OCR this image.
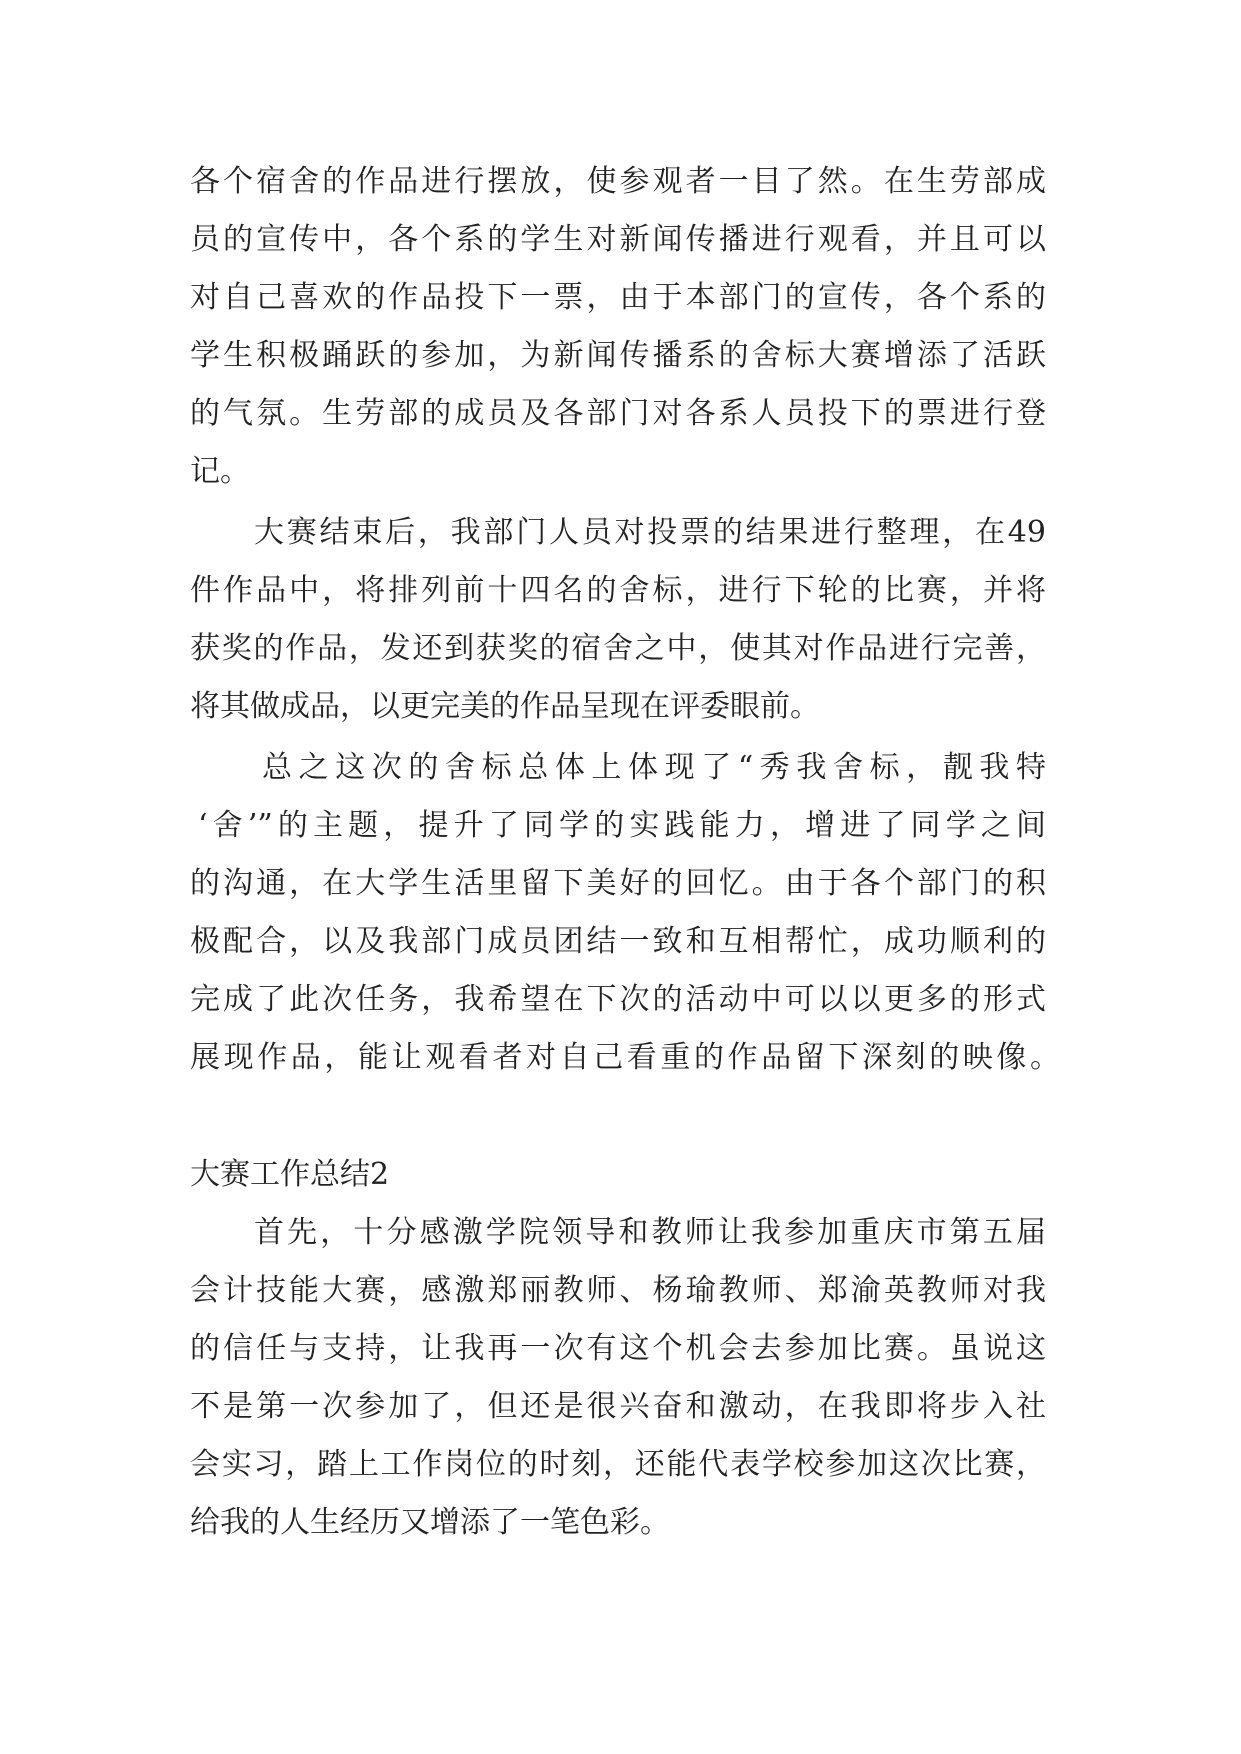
各个宿舍的作品进行摆放，使参观者一目了然。在生劳部成

员的宣传中，各个系的学生对新闻传播进行观看，并且可以

对自己喜欢的作品投下一票，由于本部门的宣传，各个系的

学生积极踊跃的参加，为新闻传播系的舍标大赛增添了活跃

的气氛。生劳部的成员及各部门对各系人员投下的票进行登

记。

大赛结束后，我部门人员对投票的结果进行整理，在49

件作品中，将排列前十四名的舍标，进行下轮的比赛，并将

获奖的作品，发还到获奖的宿舍之中，使其对作品进行完善，

将其做成品，以更完美的作品呈现在评委眼前。

总之这次的舍标总体上体现了“秀我舍标，靓我特

‘舍’”的主题，提升了同学的实践能力，增进了同学之间

的沟通，在大学生活里留下美好的回忆。由于各个部门的积

极配合，以及我部门成员团结一致和互相帮忙，成功顺利的

完成了此次任务，我希望在下次的活动中可以以更多的形式

展现作品，能让观看者对自己看重的作品留下深刻的映像。

大赛工作总结2

首先，十分感激学院领导和教师让我参加重庆市第五届

会计技能大赛，感激郑丽教师、杨瑜教师、郑渝英教师对我

的信任与支持，让我再一次有这个机会去参加比赛。虽说这

不是第一次参加了，但还是很兴奋和激动，在我即将步入社

会实习，踏上工作岗位的时刻，还能代表学校参加这次比赛，

给我的人生经历又增添了一笔色彩。
